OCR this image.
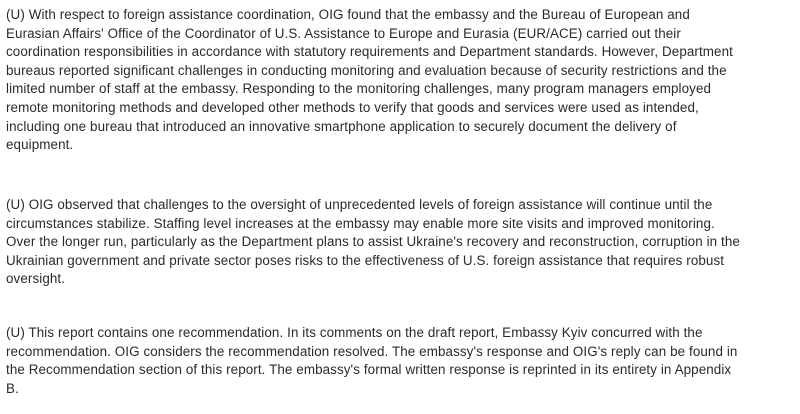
(U) With respect to foreign assistance coordination, OIG found that the embassy and the Bureau of European and
Eurasian Affairs' Office of the Coordinator of U.S. Assistance to Europe and Eurasia (EUR/ACE) carried out their
coordination responsibilities in accordance with statutory requirements and Department standards. However, Department
bureaus reported significant challenges in conducting monitoring and evaluation because of security restrictions and the
limited number of staff at the embassy. Responding to the monitoring challenges, many program managers employed
remote monitoring methods and developed other methods to verify that goods and services were used as intended,
including one bureau that introduced an innovative smartphone application to securely document the delivery of
equipment.

(U) OIG observed that challenges to the oversight of unprecedented levels of foreign assistance will continue until the
circumstances stabilize. Staffing level increases at the embassy may enable more site visits and improved monitoring.
Over the longer run, particularly as the Department plans to assist Ukraine's recovery and reconstruction, corruption in the
Ukrainian government and private sector poses risks to the effectiveness of U.S. foreign assistance that requires robust
oversight.

(U) This report contains one recommendation. In its comments on the draft report, Embassy Kyiv concurred with the
recommendation. OIG considers the recommendation resolved. The embassy's response and OIG's reply can be found in
the Recommendation section of this report. The embassy's formal written response is reprinted in its entirety in Appendix
B.
